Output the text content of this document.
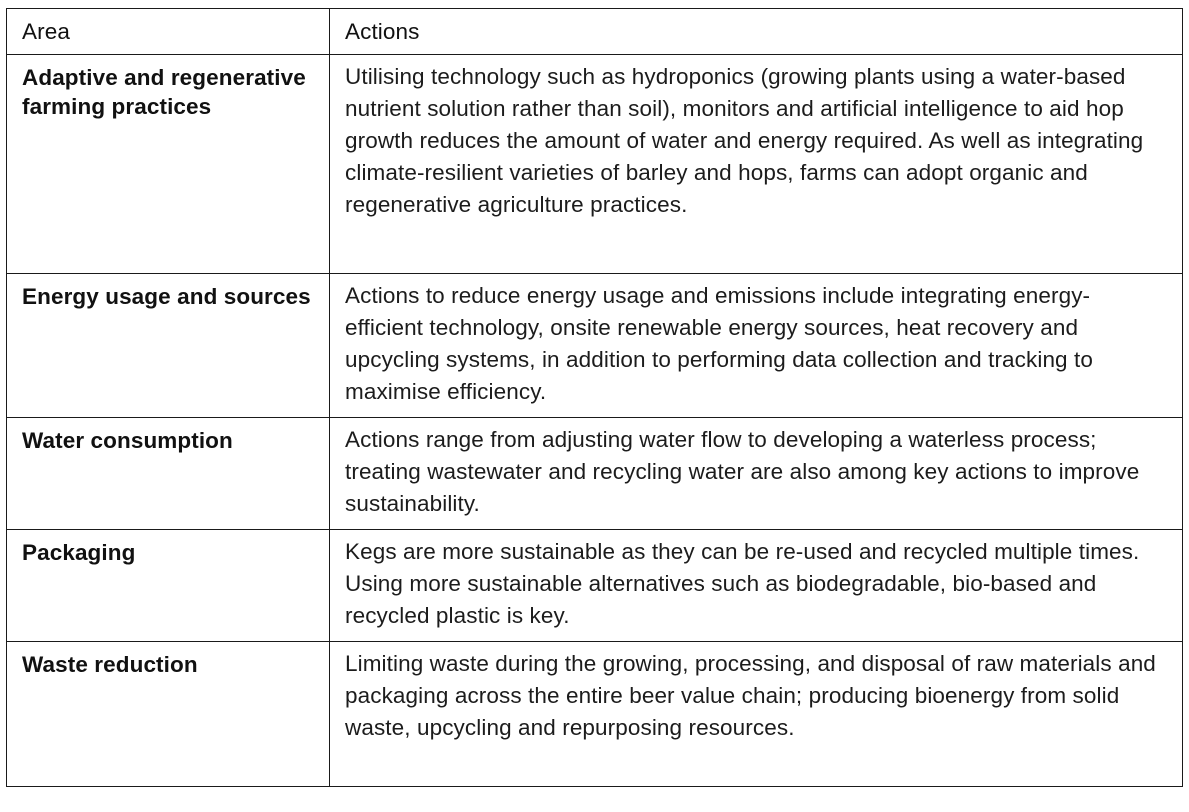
Area	Actions
Adaptive and regenerative farming practices	Utilising technology such as hydroponics (growing plants using a water-based nutrient solution rather than soil), monitors and artificial intelligence to aid hop growth reduces the amount of water and energy required. As well as integrating climate-resilient varieties of barley and hops, farms can adopt organic and regenerative agriculture practices.
Energy usage and sources	Actions to reduce energy usage and emissions include integrating energy-efficient technology, onsite renewable energy sources, heat recovery and upcycling systems, in addition to performing data collection and tracking to maximise efficiency.
Water consumption	Actions range from adjusting water flow to developing a waterless process; treating wastewater and recycling water are also among key actions to improve sustainability.
Packaging	Kegs are more sustainable as they can be re-used and recycled multiple times. Using more sustainable alternatives such as biodegradable, bio-based and recycled plastic is key.
Waste reduction	Limiting waste during the growing, processing, and disposal of raw materials and packaging across the entire beer value chain; producing bioenergy from solid waste, upcycling and repurposing resources.
